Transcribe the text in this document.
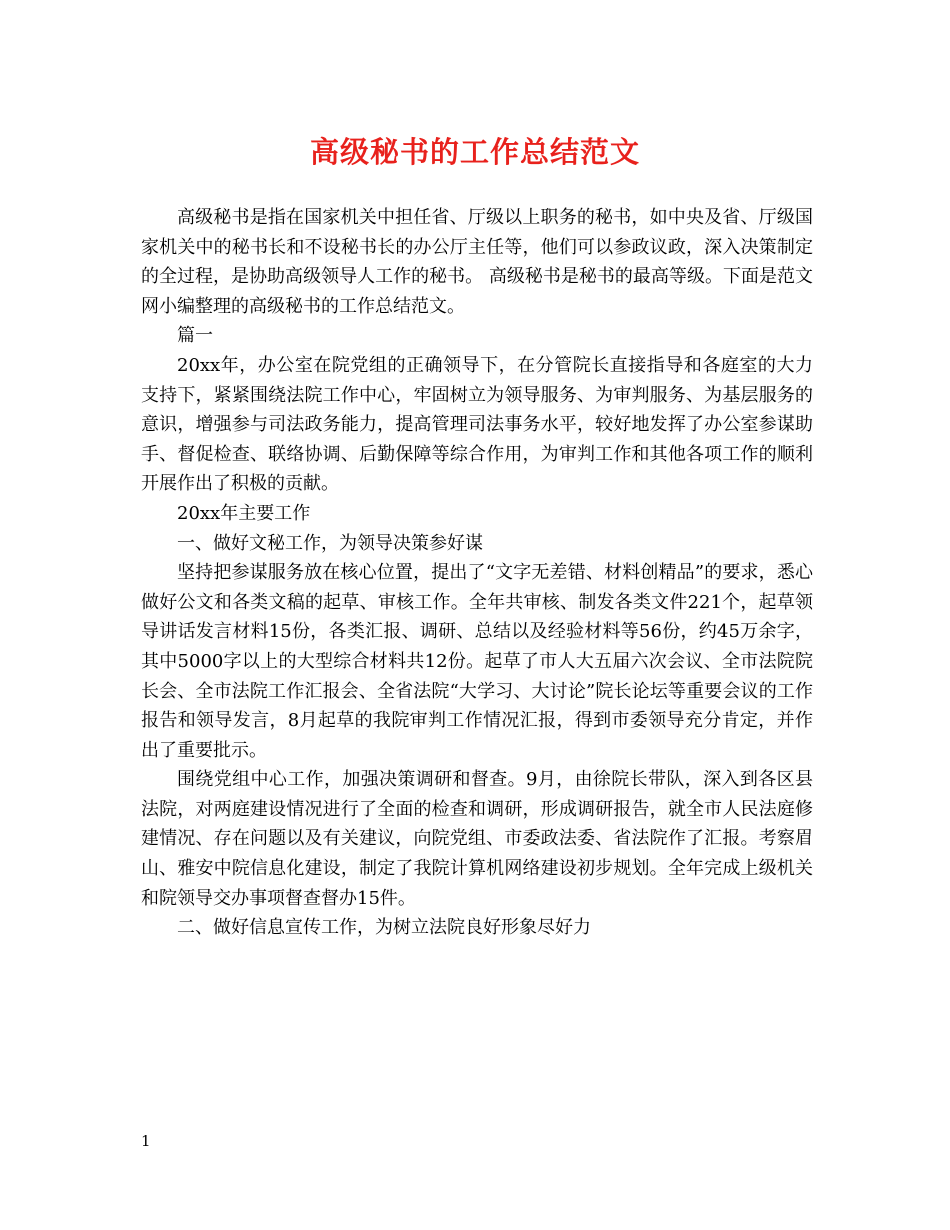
高级秘书的工作总结范文

高级秘书是指在国家机关中担任省、厅级以上职务的秘书，如中央及省、厅级国家机关中的秘书长和不设秘书长的办公厅主任等，他们可以参政议政，深入决策制定的全过程，是协助高级领导人工作的秘书。 高级秘书是秘书的最高等级。下面是范文网小编整理的高级秘书的工作总结范文。

篇一

20xx年，办公室在院党组的正确领导下，在分管院长直接指导和各庭室的大力支持下，紧紧围绕法院工作中心，牢固树立为领导服务、为审判服务、为基层服务的意识，增强参与司法政务能力，提高管理司法事务水平，较好地发挥了办公室参谋助手、督促检查、联络协调、后勤保障等综合作用，为审判工作和其他各项工作的顺利开展作出了积极的贡献。

20xx年主要工作

一、做好文秘工作，为领导决策参好谋

坚持把参谋服务放在核心位置，提出了“文字无差错、材料创精品”的要求，悉心做好公文和各类文稿的起草、审核工作。全年共审核、制发各类文件221个，起草领导讲话发言材料15份，各类汇报、调研、总结以及经验材料等56份，约45万余字，其中5000字以上的大型综合材料共12份。起草了市人大五届六次会议、全市法院院长会、全市法院工作汇报会、全省法院“大学习、大讨论”院长论坛等重要会议的工作报告和领导发言，8月起草的我院审判工作情况汇报，得到市委领导充分肯定，并作出了重要批示。

围绕党组中心工作，加强决策调研和督查。9月，由徐院长带队，深入到各区县法院，对两庭建设情况进行了全面的检查和调研，形成调研报告，就全市人民法庭修建情况、存在问题以及有关建议，向院党组、市委政法委、省法院作了汇报。考察眉山、雅安中院信息化建设，制定了我院计算机网络建设初步规划。全年完成上级机关和院领导交办事项督查督办15件。

二、做好信息宣传工作，为树立法院良好形象尽好力

1
